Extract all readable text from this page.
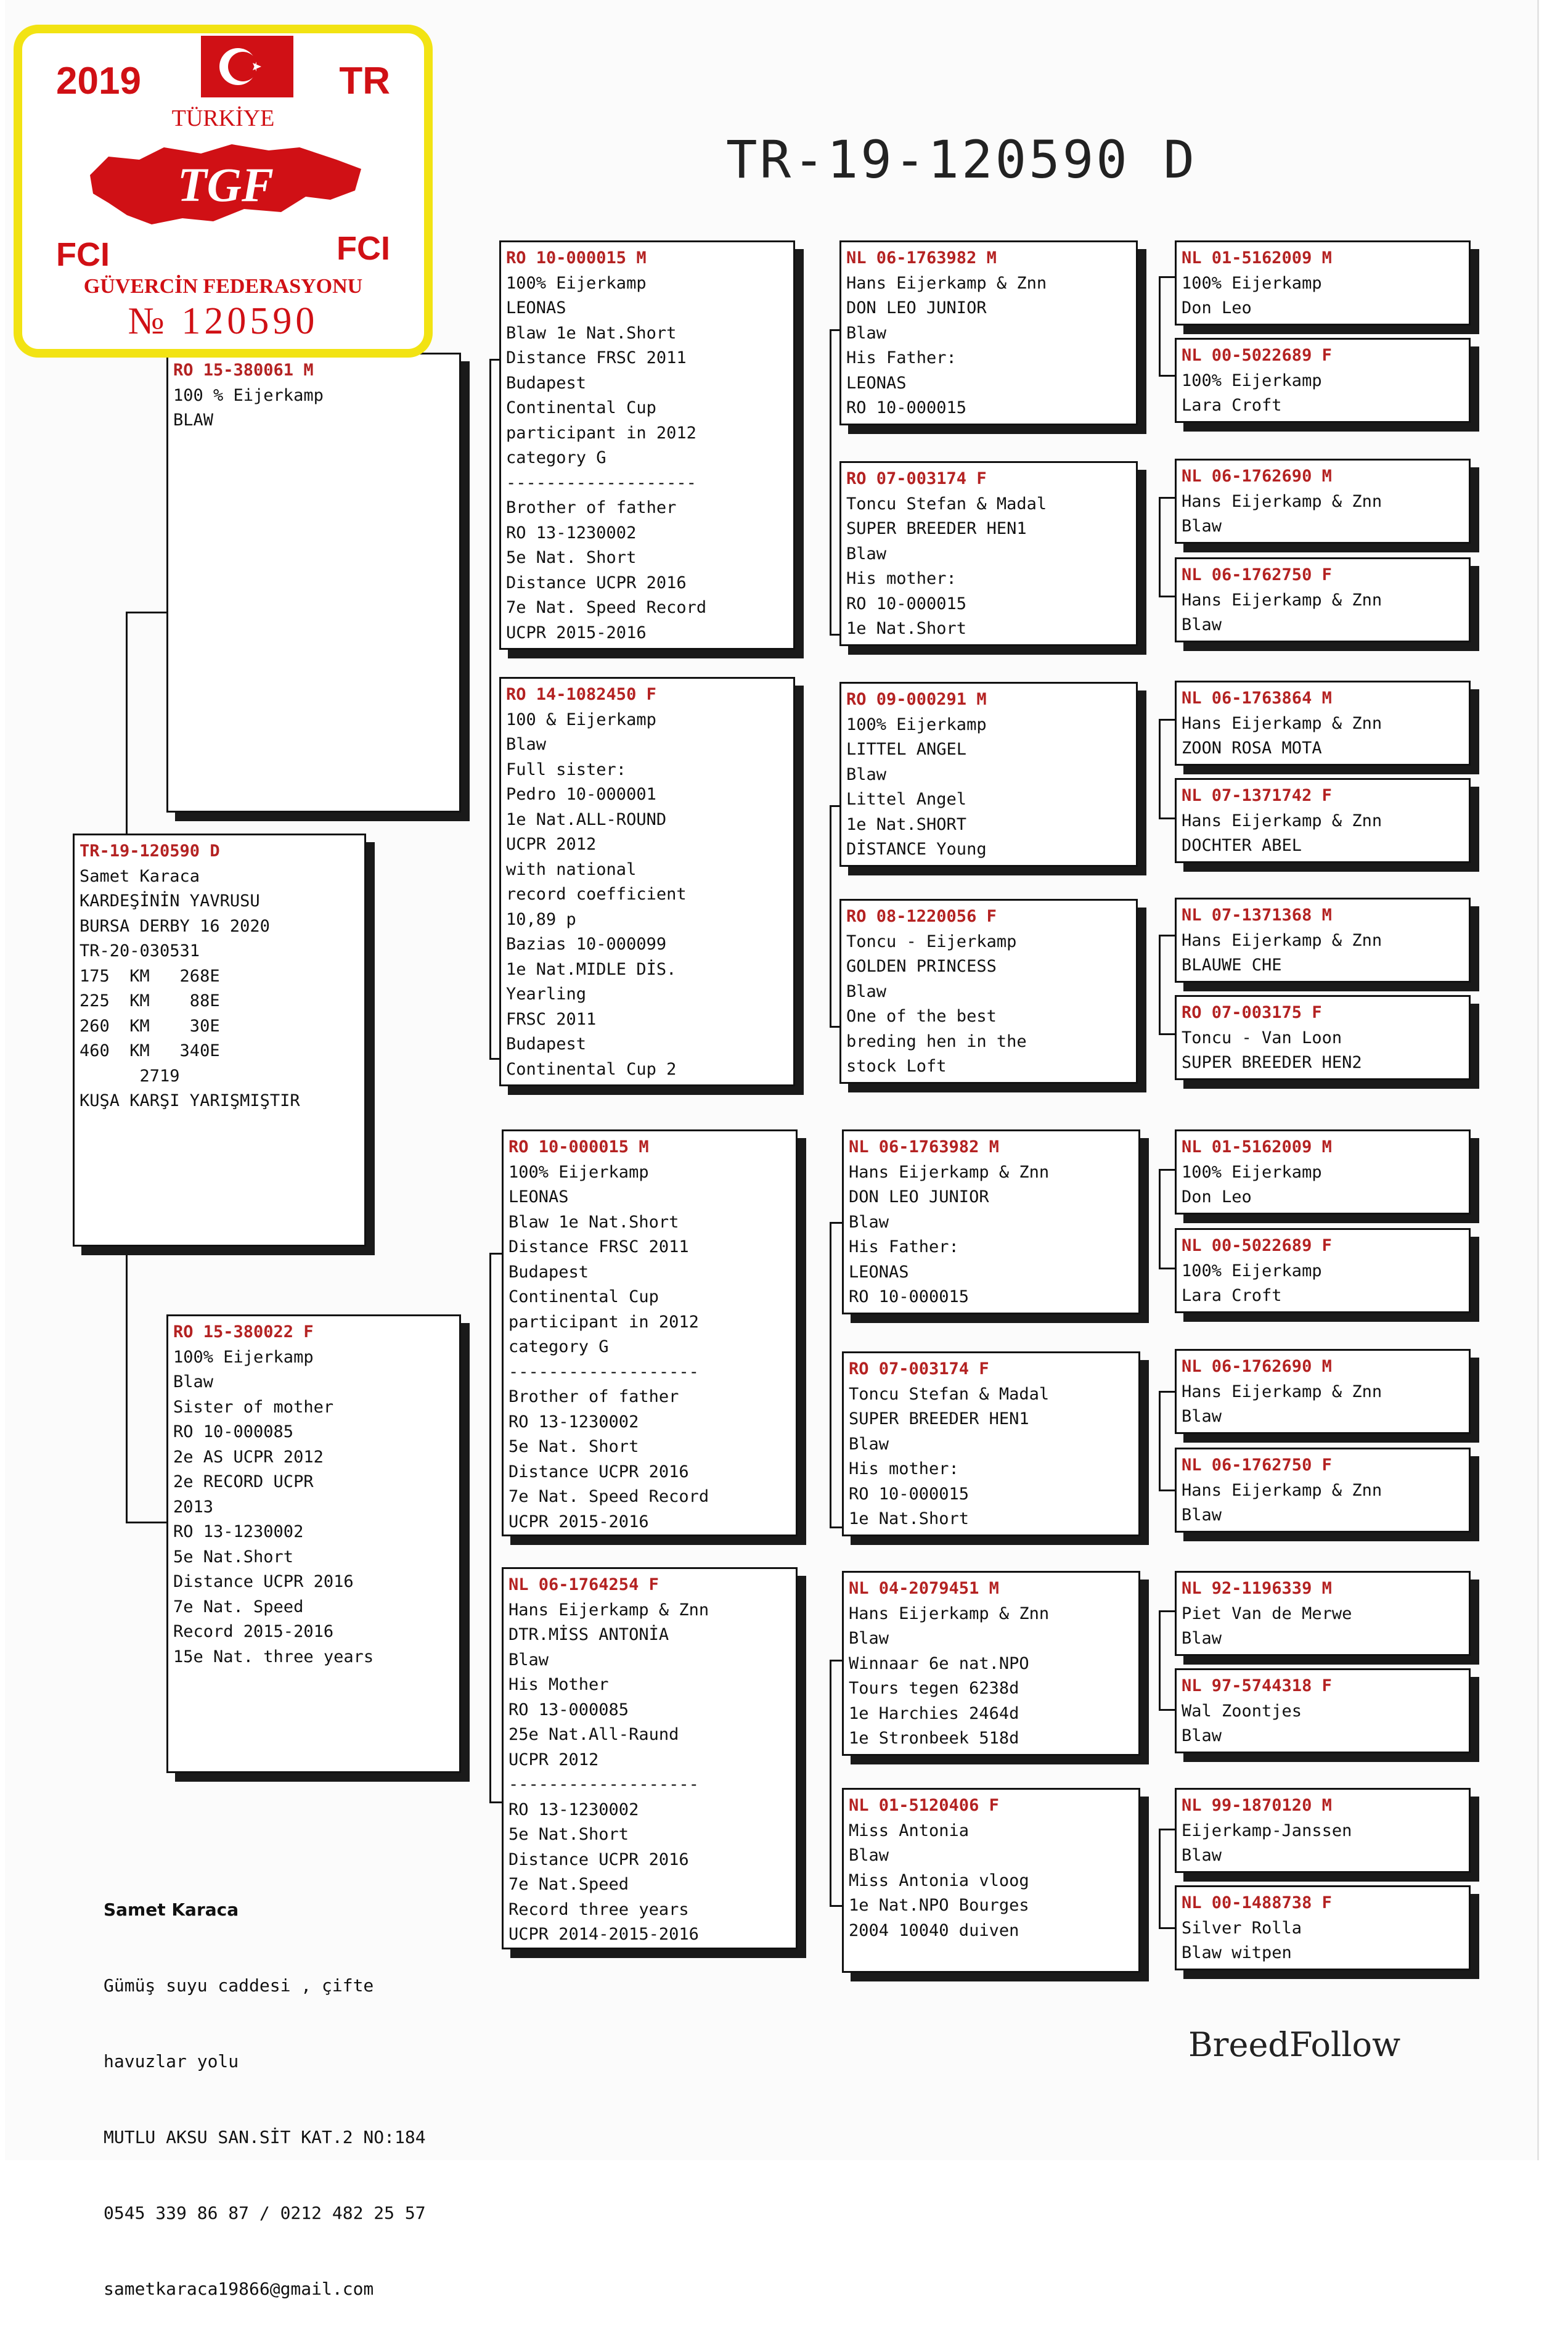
TR-19-120590 D
TR-19-120590 D
Samet Karaca
KARDEŞİNİN YAVRUSU
BURSA DERBY 16 2020
TR-20-030531
175  KM   268E
225  KM    88E
260  KM    30E
460  KM   340E
2719
KUŞA KARŞI YARIŞMIŞTIR
RO 15-380061 M
100 % Eijerkamp
BLAW
RO 15-380022 F
100% Eijerkamp
Blaw
Sister of mother
RO 10-000085
2e AS UCPR 2012
2e RECORD UCPR
2013
RO 13-1230002
5e Nat.Short
Distance UCPR 2016
7e Nat. Speed
Record 2015-2016
15e Nat. three years
RO 10-000015 M
100% Eijerkamp
LEONAS
Blaw 1e Nat.Short
Distance FRSC 2011
Budapest
Continental Cup
participant in 2012
category G
-------------------
Brother of father
RO 13-1230002
5e Nat. Short
Distance UCPR 2016
7e Nat. Speed Record
UCPR 2015-2016
RO 14-1082450 F
100 & Eijerkamp
Blaw
Full sister:
Pedro 10-000001
1e Nat.ALL-ROUND
UCPR 2012
with national
record coefficient
10,89 p
Bazias 10-000099
1e Nat.MIDLE DİS.
Yearling
FRSC 2011
Budapest
Continental Cup 2
RO 10-000015 M
100% Eijerkamp
LEONAS
Blaw 1e Nat.Short
Distance FRSC 2011
Budapest
Continental Cup
participant in 2012
category G
-------------------
Brother of father
RO 13-1230002
5e Nat. Short
Distance UCPR 2016
7e Nat. Speed Record
UCPR 2015-2016
NL 06-1764254 F
Hans Eijerkamp & Znn
DTR.MİSS ANTONİA
Blaw
His Mother
RO 13-000085
25e Nat.All-Raund
UCPR 2012
-------------------
RO 13-1230002
5e Nat.Short
Distance UCPR 2016
7e Nat.Speed
Record three years
UCPR 2014-2015-2016
NL 06-1763982 M
Hans Eijerkamp & Znn
DON LEO JUNIOR
Blaw
His Father:
LEONAS
RO 10-000015
RO 07-003174 F
Toncu Stefan & Madal
SUPER BREEDER HEN1
Blaw
His mother:
RO 10-000015
1e Nat.Short
RO 09-000291 M
100% Eijerkamp
LITTEL ANGEL
Blaw
Littel Angel
1e Nat.SHORT
DİSTANCE Young
RO 08-1220056 F
Toncu - Eijerkamp
GOLDEN PRINCESS
Blaw
One of the best
breding hen in the
stock Loft
NL 06-1763982 M
Hans Eijerkamp & Znn
DON LEO JUNIOR
Blaw
His Father:
LEONAS
RO 10-000015
RO 07-003174 F
Toncu Stefan & Madal
SUPER BREEDER HEN1
Blaw
His mother:
RO 10-000015
1e Nat.Short
NL 04-2079451 M
Hans Eijerkamp & Znn
Blaw
Winnaar 6e nat.NPO
Tours tegen 6238d
1e Harchies 2464d
1e Stronbeek 518d
NL 01-5120406 F
Miss Antonia
Blaw
Miss Antonia vloog
1e Nat.NPO Bourges
2004 10040 duiven
NL 01-5162009 M
100% Eijerkamp
Don Leo
NL 00-5022689 F
100% Eijerkamp
Lara Croft
NL 06-1762690 M
Hans Eijerkamp & Znn
Blaw
NL 06-1762750 F
Hans Eijerkamp & Znn
Blaw
NL 06-1763864 M
Hans Eijerkamp & Znn
ZOON ROSA MOTA
NL 07-1371742 F
Hans Eijerkamp & Znn
DOCHTER ABEL
NL 07-1371368 M
Hans Eijerkamp & Znn
BLAUWE CHE
RO 07-003175 F
Toncu - Van Loon
SUPER BREEDER HEN2
NL 01-5162009 M
100% Eijerkamp
Don Leo
NL 00-5022689 F
100% Eijerkamp
Lara Croft
NL 06-1762690 M
Hans Eijerkamp & Znn
Blaw
NL 06-1762750 F
Hans Eijerkamp & Znn
Blaw
NL 92-1196339 M
Piet Van de Merwe
Blaw
NL 97-5744318 F
Wal Zoontjes
Blaw
NL 99-1870120 M
Eijerkamp-Janssen
Blaw
NL 00-1488738 F
Silver Rolla
Blaw witpen

Samet Karaca

Gümüş suyu caddesi , çifte

havuzlar yolu

MUTLU AKSU SAN.SİT KAT.2 NO:184

0545 339 86 87 / 0212 482 25 57

sametkaraca19866@gmail.com

BreedFollow
2019	TR
TÜRKİYE
TGF
FCI	FCI
GÜVERCİN FEDERASYONU
№ 120590
